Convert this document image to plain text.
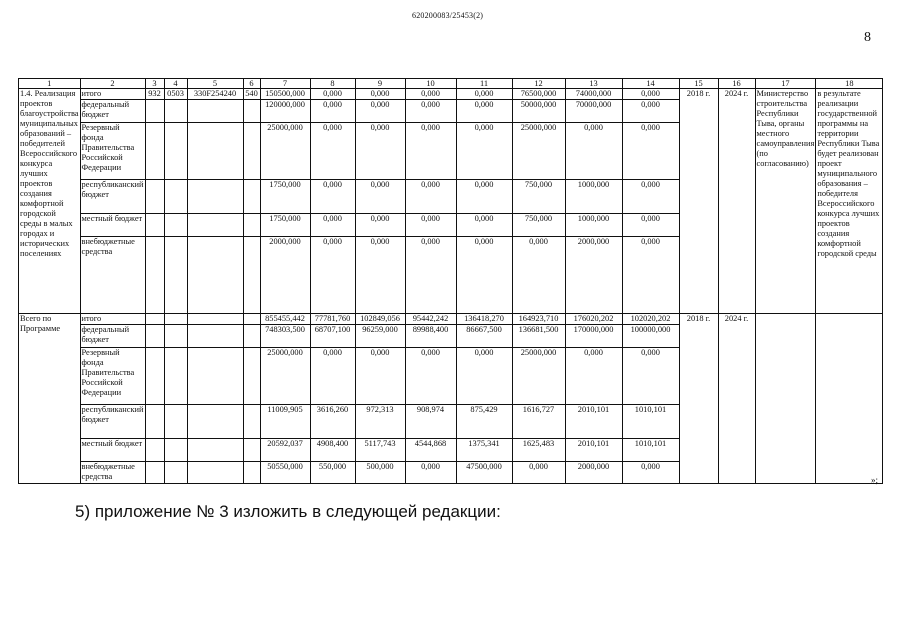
620200083/25453(2)
8
1	2	3	4	5	6	7	8	9	10	11	12	13	14	15	16	17	18
1.4. Реализация проектов благоустройства муниципальных образований – победителей Всероссийского конкурса лучших проектов создания комфортной городской среды в малых городах и исторических поселениях	итого	932	0503	330F254240	540	150500,000	0,000	0,000	0,000	0,000	76500,000	74000,000	0,000	2018 г.	2024 г.	Министерство строительства Республики Тыва, органы местного самоуправления (по согласованию)	в результате реализации государственной программы на территории Республики Тыва будет реализован проект муниципального образования – победителя Всероссийского конкурса лучших проектов создания комфортной городской среды
	федеральный бюджет					120000,000	0,000	0,000	0,000	0,000	50000,000	70000,000	0,000				
	Резервный фонда Правительства Российской Федерации					25000,000	0,000	0,000	0,000	0,000	25000,000	0,000	0,000				
	республиканский бюджет					1750,000	0,000	0,000	0,000	0,000	750,000	1000,000	0,000				
	местный бюджет					1750,000	0,000	0,000	0,000	0,000	750,000	1000,000	0,000				
	внебюджетные средства					2000,000	0,000	0,000	0,000	0,000	0,000	2000,000	0,000				
Всего по Программе	итого					855455,442	77781,760	102849,056	95442,242	136418,270	164923,710	176020,202	102020,202	2018 г.	2024 г.		
	федеральный бюджет					748303,500	68707,100	96259,000	89988,400	86667,500	136681,500	170000,000	100000,000				
	Резервный фонда Правительства Российской Федерации					25000,000	0,000	0,000	0,000	0,000	25000,000	0,000	0,000				
	республиканский бюджет					11009,905	3616,260	972,313	908,974	875,429	1616,727	2010,101	1010,101				
	местный бюджет					20592,037	4908,400	5117,743	4544,868	1375,341	1625,483	2010,101	1010,101				
	внебюджетные средства					50550,000	550,000	500,000	0,000	47500,000	0,000	2000,000	0,000				
»;
5) приложение № 3 изложить в следующей редакции:
